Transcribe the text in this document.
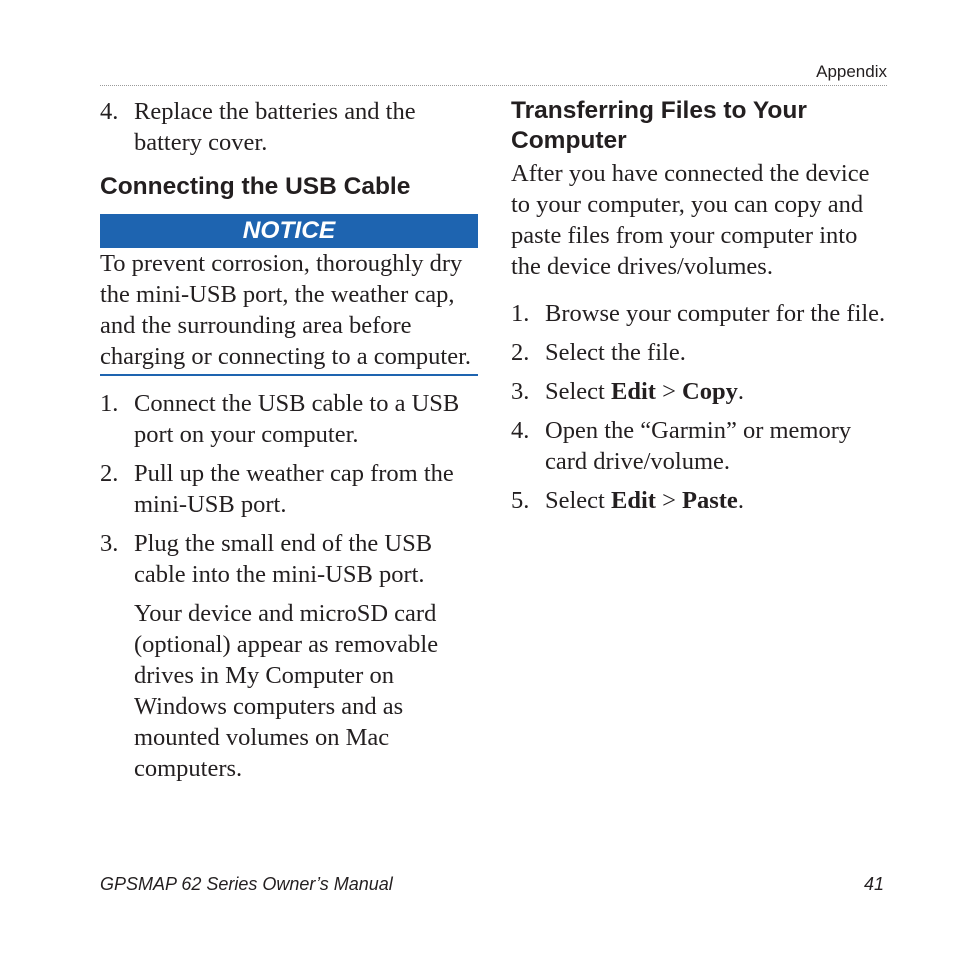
Appendix
4. Replace the batteries and the battery cover.
Connecting the USB Cable
NOTICE
To prevent corrosion, thoroughly dry the mini-USB port, the weather cap, and the surrounding area before charging or connecting to a computer.
1. Connect the USB cable to a USB port on your computer.
2. Pull up the weather cap from the mini-USB port.
3. Plug the small end of the USB cable into the mini-USB port.
Your device and microSD card (optional) appear as removable drives in My Computer on Windows computers and as mounted volumes on Mac computers.
Transferring Files to Your Computer
After you have connected the device to your computer, you can copy and paste files from your computer into the device drives/volumes.
1. Browse your computer for the file.
2. Select the file.
3. Select Edit > Copy.
4. Open the “Garmin” or memory card drive/volume.
5. Select Edit > Paste.
GPSMAP 62 Series Owner’s Manual	41
